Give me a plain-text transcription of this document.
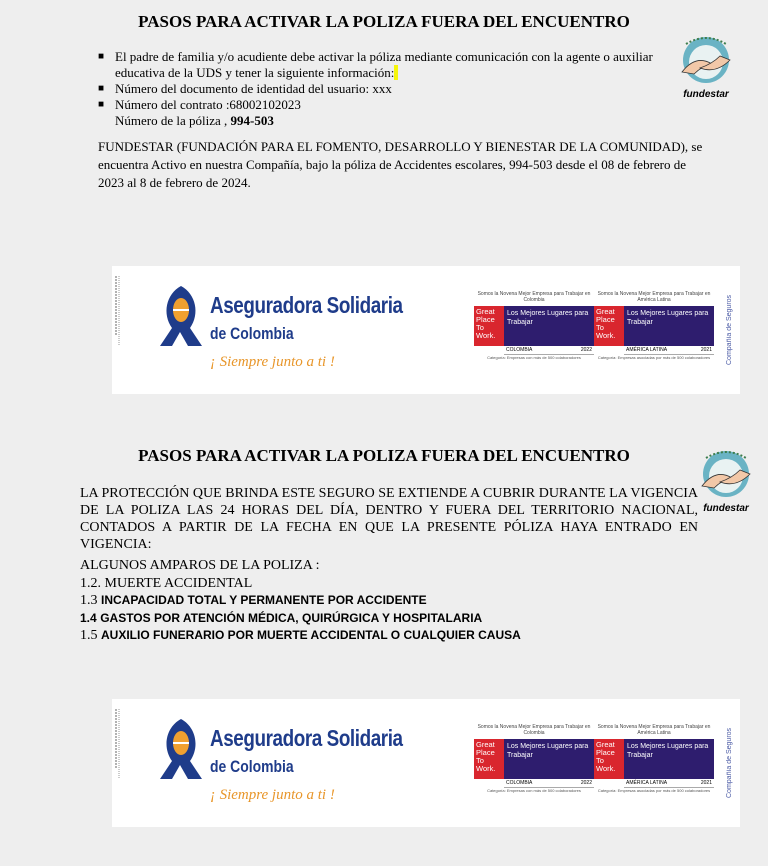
PASOS PARA ACTIVAR LA POLIZA FUERA DEL ENCUENTRO
■ El padre de familia y/o acudiente debe activar la póliza mediante comunicación con la agente o auxiliar educativa de la UDS y tener la siguiente información:
■ Número del documento de identidad del usuario: xxx
■ Número del contrato :68002102023
Número de la póliza , 994-503
FUNDESTAR (FUNDACIÓN PARA EL FOMENTO, DESARROLLO Y BIENESTAR DE LA COMUNIDAD), se encuentra Activo en nuestra Compañía, bajo la póliza de Accidentes escolares, 994-503 desde el 08 de febrero de 2023 al 8 de febrero de 2024.
fundestar
Aseguradora Solidaria
de Colombia
¡ Siempre junto a ti !
Somos la Novena Mejor Empresa para Trabajar en Colombia
Great Place To Work.
Los Mejores Lugares para Trabajar
COLOMBIA	2022
Categoría: Empresas con más de 500 colaboradores
Somos la Novena Mejor Empresa para Trabajar en América Latina
Great Place To Work.
Los Mejores Lugares para Trabajar
AMÉRICA LATINA	2021
Categoría: Empresas asociadas por más de 500 colaboradores	Compañía de Seguros
PASOS PARA ACTIVAR LA POLIZA FUERA DEL ENCUENTRO
fundestar
LA PROTECCIÓN QUE BRINDA ESTE SEGURO SE EXTIENDE A CUBRIR DURANTE LA VIGENCIA DE LA POLIZA LAS 24 HORAS DEL DÍA, DENTRO Y FUERA DEL TERRITORIO NACIONAL, CONTADOS A PARTIR DE LA FECHA EN QUE LA PRESENTE PÓLIZA HAYA ENTRADO EN VIGENCIA:
ALGUNOS AMPAROS DE LA POLIZA :
1.2. MUERTE ACCIDENTAL
1.3 INCAPACIDAD TOTAL Y PERMANENTE POR ACCIDENTE
1.4 GASTOS POR ATENCIÓN MÉDICA, QUIRÚRGICA Y HOSPITALARIA
1.5 AUXILIO FUNERARIO POR MUERTE ACCIDENTAL O CUALQUIER CAUSA
Aseguradora Solidaria
de Colombia
¡ Siempre junto a ti !
Somos la Novena Mejor Empresa para Trabajar en Colombia
Great Place To Work.
Los Mejores Lugares para Trabajar
COLOMBIA	2022
Categoría: Empresas con más de 500 colaboradores
Somos la Novena Mejor Empresa para Trabajar en América Latina
Great Place To Work.
Los Mejores Lugares para Trabajar
AMÉRICA LATINA	2021
Categoría: Empresas asociadas por más de 500 colaboradores	Compañía de Seguros
